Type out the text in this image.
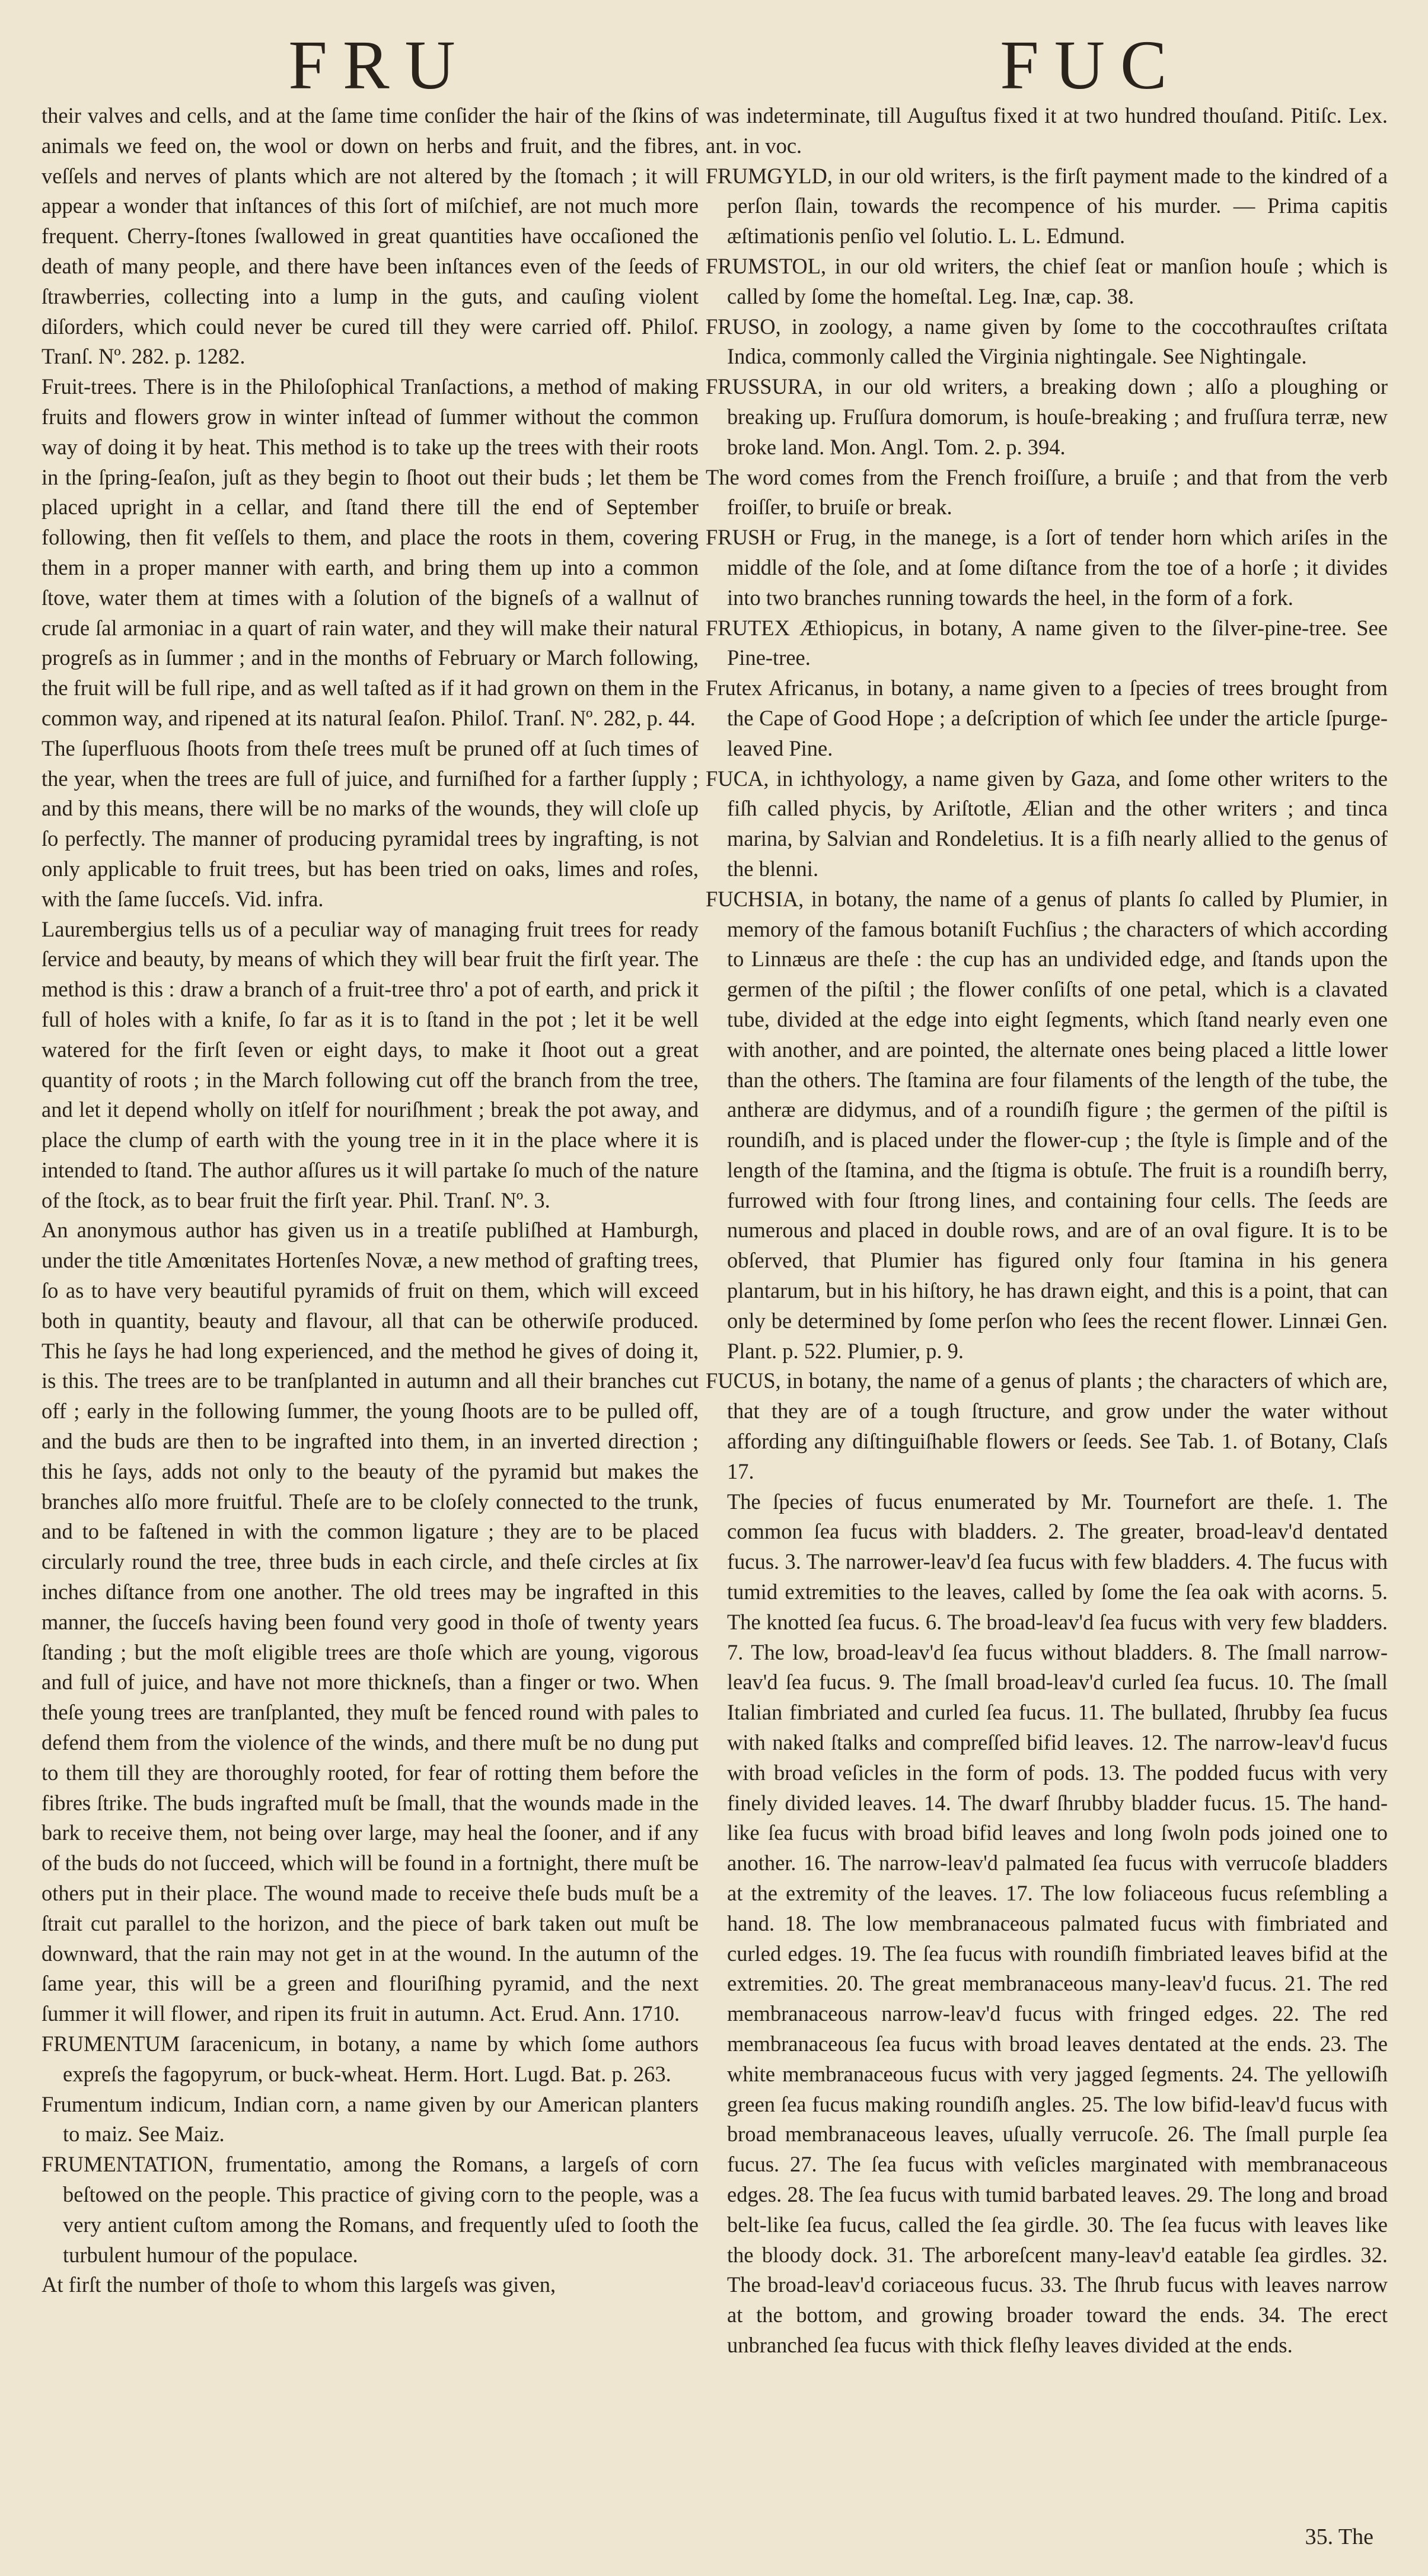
FRU	FUC

their valves and cells, and at the ſame time conſider the hair of the ſkins of animals we feed on, the wool or down on herbs and fruit, and the fibres, veſſels and nerves of plants which are not altered by the ſtomach ; it will appear a wonder that inſtances of this ſort of miſchief, are not much more frequent. Cherry-ſtones ſwallowed in great quantities have occaſioned the death of many people, and there have been inſtances even of the ſeeds of ſtrawberries, collecting into a lump in the guts, and cauſing violent diſorders, which could never be cured till they were carried off. Philoſ. Tranſ. Nº. 282. p. 1282.

Fruit-trees. There is in the Philoſophical Tranſactions, a method of making fruits and flowers grow in winter inſtead of ſummer without the common way of doing it by heat. This method is to take up the trees with their roots in the ſpring-ſeaſon, juſt as they begin to ſhoot out their buds ; let them be placed upright in a cellar, and ſtand there till the end of September following, then fit veſſels to them, and place the roots in them, covering them in a proper manner with earth, and bring them up into a common ſtove, water them at times with a ſolution of the bigneſs of a wallnut of crude ſal armoniac in a quart of rain water, and they will make their natural progreſs as in ſummer ; and in the months of February or March following, the fruit will be full ripe, and as well taſted as if it had grown on them in the common way, and ripened at its natural ſeaſon. Philoſ. Tranſ. Nº. 282, p. 44.

The ſuperfluous ſhoots from theſe trees muſt be pruned off at ſuch times of the year, when the trees are full of juice, and furniſhed for a farther ſupply ; and by this means, there will be no marks of the wounds, they will cloſe up ſo perfectly. The manner of producing pyramidal trees by ingrafting, is not only applicable to fruit trees, but has been tried on oaks, limes and roſes, with the ſame ſucceſs. Vid. infra.

Laurembergius tells us of a peculiar way of managing fruit trees for ready ſervice and beauty, by means of which they will bear fruit the firſt year. The method is this : draw a branch of a fruit-tree thro' a pot of earth, and prick it full of holes with a knife, ſo far as it is to ſtand in the pot ; let it be well watered for the firſt ſeven or eight days, to make it ſhoot out a great quantity of roots ; in the March following cut off the branch from the tree, and let it depend wholly on itſelf for nouriſhment ; break the pot away, and place the clump of earth with the young tree in it in the place where it is intended to ſtand. The author aſſures us it will partake ſo much of the nature of the ſtock, as to bear fruit the firſt year. Phil. Tranſ. Nº. 3.

An anonymous author has given us in a treatiſe publiſhed at Hamburgh, under the title Amœnitates Hortenſes Novæ, a new method of grafting trees, ſo as to have very beautiful pyramids of fruit on them, which will exceed both in quantity, beauty and flavour, all that can be otherwiſe produced. This he ſays he had long experienced, and the method he gives of doing it, is this. The trees are to be tranſplanted in autumn and all their branches cut off ; early in the following ſummer, the young ſhoots are to be pulled off, and the buds are then to be ingrafted into them, in an inverted direction ; this he ſays, adds not only to the beauty of the pyramid but makes the branches alſo more fruitful. Theſe are to be cloſely connected to the trunk, and to be faſtened in with the common ligature ; they are to be placed circularly round the tree, three buds in each circle, and theſe circles at ſix inches diſtance from one another. The old trees may be ingrafted in this manner, the ſucceſs having been found very good in thoſe of twenty years ſtanding ; but the moſt eligible trees are thoſe which are young, vigorous and full of juice, and have not more thickneſs, than a finger or two. When theſe young trees are tranſplanted, they muſt be fenced round with pales to defend them from the violence of the winds, and there muſt be no dung put to them till they are thoroughly rooted, for fear of rotting them before the fibres ſtrike. The buds ingrafted muſt be ſmall, that the wounds made in the bark to receive them, not being over large, may heal the ſooner, and if any of the buds do not ſucceed, which will be found in a fortnight, there muſt be others put in their place. The wound made to receive theſe buds muſt be a ſtrait cut parallel to the horizon, and the piece of bark taken out muſt be downward, that the rain may not get in at the wound. In the autumn of the ſame year, this will be a green and flouriſhing pyramid, and the next ſummer it will flower, and ripen its fruit in autumn. Act. Erud. Ann. 1710.

FRUMENTUM ſaracenicum, in botany, a name by which ſome authors expreſs the fagopyrum, or buck-wheat. Herm. Hort. Lugd. Bat. p. 263.

Frumentum indicum, Indian corn, a name given by our American planters to maiz. See Maiz.

FRUMENTATION, frumentatio, among the Romans, a largeſs of corn beſtowed on the people. This practice of giving corn to the people, was a very antient cuſtom among the Romans, and frequently uſed to ſooth the turbulent humour of the populace.

At firſt the number of thoſe to whom this largeſs was given,

was indeterminate, till Auguſtus fixed it at two hundred thouſand. Pitiſc. Lex. ant. in voc.

FRUMGYLD, in our old writers, is the firſt payment made to the kindred of a perſon ſlain, towards the recompence of his murder. — Prima capitis æſtimationis penſio vel ſolutio. L. L. Edmund.

FRUMSTOL, in our old writers, the chief ſeat or manſion houſe ; which is called by ſome the homeſtal. Leg. Inæ, cap. 38.

FRUSO, in zoology, a name given by ſome to the coccothrauſtes criſtata Indica, commonly called the Virginia nightingale. See Nightingale.

FRUSSURA, in our old writers, a breaking down ; alſo a ploughing or breaking up. Fruſſura domorum, is houſe-breaking ; and fruſſura terræ, new broke land. Mon. Angl. Tom. 2. p. 394.

The word comes from the French froiſſure, a bruiſe ; and that from the verb froiſſer, to bruiſe or break.

FRUSH or Frug, in the manege, is a ſort of tender horn which ariſes in the middle of the ſole, and at ſome diſtance from the toe of a horſe ; it divides into two branches running towards the heel, in the form of a fork.

FRUTEX Æthiopicus, in botany, A name given to the ſilver-pine-tree. See Pine-tree.

Frutex Africanus, in botany, a name given to a ſpecies of trees brought from the Cape of Good Hope ; a deſcription of which ſee under the article ſpurge-leaved Pine.

FUCA, in ichthyology, a name given by Gaza, and ſome other writers to the fiſh called phycis, by Ariſtotle, Ælian and the other writers ; and tinca marina, by Salvian and Rondeletius. It is a fiſh nearly allied to the genus of the blenni.

FUCHSIA, in botany, the name of a genus of plants ſo called by Plumier, in memory of the famous botaniſt Fuchſius ; the characters of which according to Linnæus are theſe : the cup has an undivided edge, and ſtands upon the germen of the piſtil ; the flower conſiſts of one petal, which is a clavated tube, divided at the edge into eight ſegments, which ſtand nearly even one with another, and are pointed, the alternate ones being placed a little lower than the others. The ſtamina are four filaments of the length of the tube, the antheræ are didymus, and of a roundiſh figure ; the germen of the piſtil is roundiſh, and is placed under the flower-cup ; the ſtyle is ſimple and of the length of the ſtamina, and the ſtigma is obtuſe. The fruit is a roundiſh berry, furrowed with four ſtrong lines, and containing four cells. The ſeeds are numerous and placed in double rows, and are of an oval figure. It is to be obſerved, that Plumier has figured only four ſtamina in his genera plantarum, but in his hiſtory, he has drawn eight, and this is a point, that can only be determined by ſome perſon who ſees the recent flower. Linnæi Gen. Plant. p. 522. Plumier, p. 9.

FUCUS, in botany, the name of a genus of plants ; the characters of which are, that they are of a tough ſtructure, and grow under the water without affording any diſtinguiſhable flowers or ſeeds. See Tab. 1. of Botany, Claſs 17.

The ſpecies of fucus enumerated by Mr. Tournefort are theſe. 1. The common ſea fucus with bladders. 2. The greater, broad-leav'd dentated fucus. 3. The narrower-leav'd ſea fucus with few bladders. 4. The fucus with tumid extremities to the leaves, called by ſome the ſea oak with acorns. 5. The knotted ſea fucus. 6. The broad-leav'd ſea fucus with very few bladders. 7. The low, broad-leav'd ſea fucus without bladders. 8. The ſmall narrow-leav'd ſea fucus. 9. The ſmall broad-leav'd curled ſea fucus. 10. The ſmall Italian fimbriated and curled ſea fucus. 11. The bullated, ſhrubby ſea fucus with naked ſtalks and compreſſed bifid leaves. 12. The narrow-leav'd fucus with broad veſicles in the form of pods. 13. The podded fucus with very finely divided leaves. 14. The dwarf ſhrubby bladder fucus. 15. The hand-like ſea fucus with broad bifid leaves and long ſwoln pods joined one to another. 16. The narrow-leav'd palmated ſea fucus with verrucoſe bladders at the extremity of the leaves. 17. The low foliaceous fucus reſembling a hand. 18. The low membranaceous palmated fucus with fimbriated and curled edges. 19. The ſea fucus with roundiſh fimbriated leaves bifid at the extremities. 20. The great membranaceous many-leav'd fucus. 21. The red membranaceous narrow-leav'd fucus with fringed edges. 22. The red membranaceous ſea fucus with broad leaves dentated at the ends. 23. The white membranaceous fucus with very jagged ſegments. 24. The yellowiſh green ſea fucus making roundiſh angles. 25. The low bifid-leav'd fucus with broad membranaceous leaves, uſually verrucoſe. 26. The ſmall purple ſea fucus. 27. The ſea fucus with veſicles marginated with membranaceous edges. 28. The ſea fucus with tumid barbated leaves. 29. The long and broad belt-like ſea fucus, called the ſea girdle. 30. The ſea fucus with leaves like the bloody dock. 31. The arboreſcent many-leav'd eatable ſea girdles. 32. The broad-leav'd coriaceous fucus. 33. The ſhrub fucus with leaves narrow at the bottom, and growing broader toward the ends. 34. The erect unbranched ſea fucus with thick fleſhy leaves divided at the ends.

35. The
